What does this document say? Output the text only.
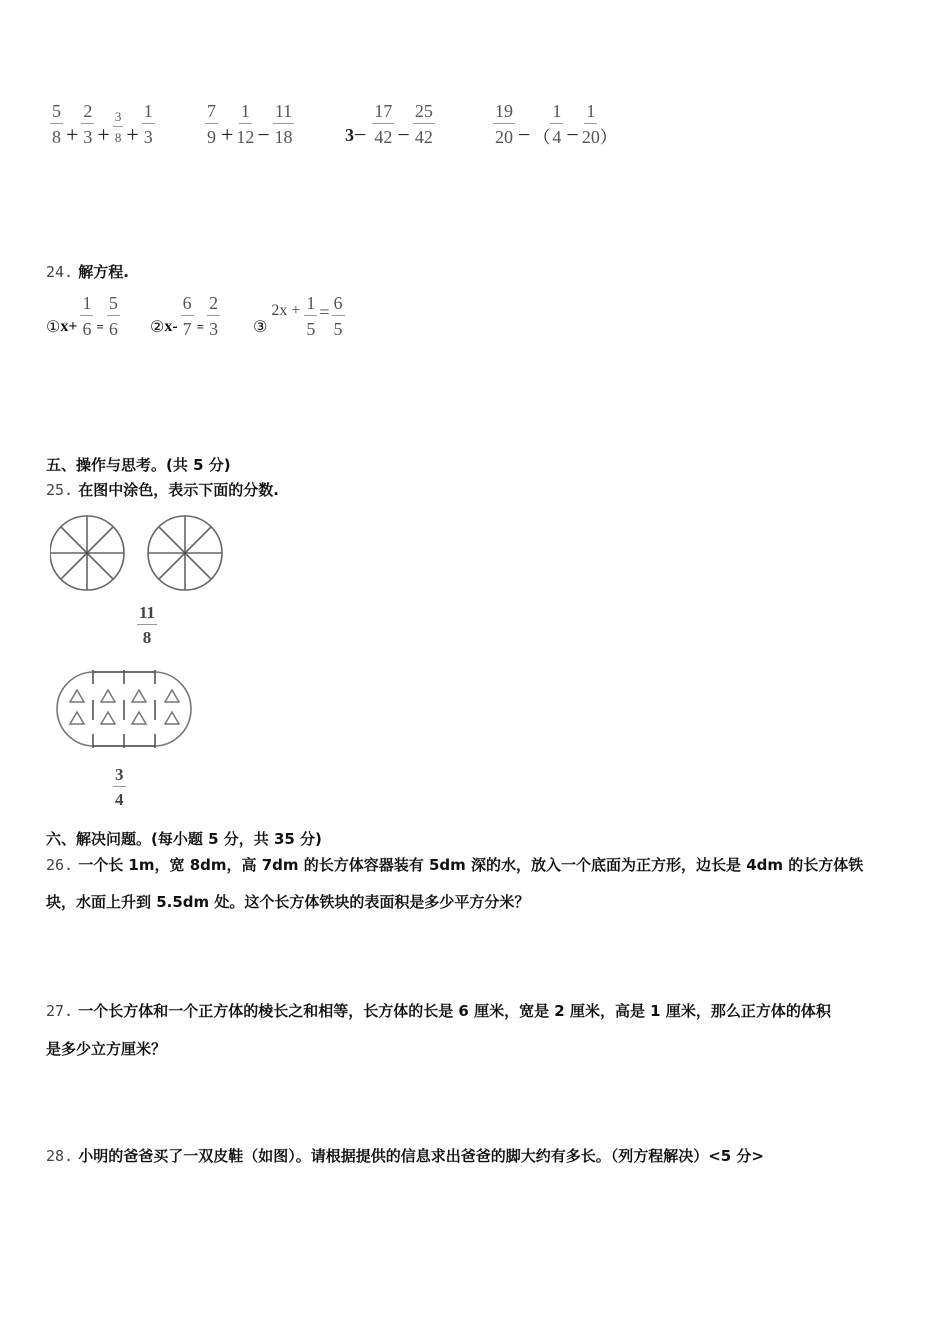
$\frac{5}{8} + \frac{2}{3} + \frac{3}{8} + \frac{1}{3}$	$\frac{7}{9} + \frac{1}{12} - \frac{11}{18}$	$3 - \frac{17}{42} - \frac{25}{42}$	$\frac{19}{20}$ − （ $\frac{1}{4} - \frac{1}{20}$ ）
24. 解方程.
① $x+ \frac{1}{6} = \frac{5}{6}$ ② $x- \frac{6}{7} = \frac{2}{3}$ ③
$2x + \frac{1}{5} = \frac{6}{5}$
五、操作与思考。(共 5 分)
25. 在图中涂色，表示下面的分数.
$\frac{11}{8}$
$\frac{3}{4}$
六、解决问题。(每小题 5 分，共 35 分)
26. 一个长 1m，宽 8dm，高 7dm 的长方体容器装有 5dm 深的水，放入一个底面为正方形，边长是 4dm 的长方体铁
块，水面上升到 5.5dm 处。这个长方体铁块的表面积是多少平方分米？
27. 一个长方体和一个正方体的棱长之和相等，长方体的长是 6 厘米，宽是 2 厘米，高是 1 厘米，那么正方体的体积
是多少立方厘米？
28. 小明的爸爸买了一双皮鞋（如图）。请根据提供的信息求出爸爸的脚大约有多长。（列方程解决）<5 分>
